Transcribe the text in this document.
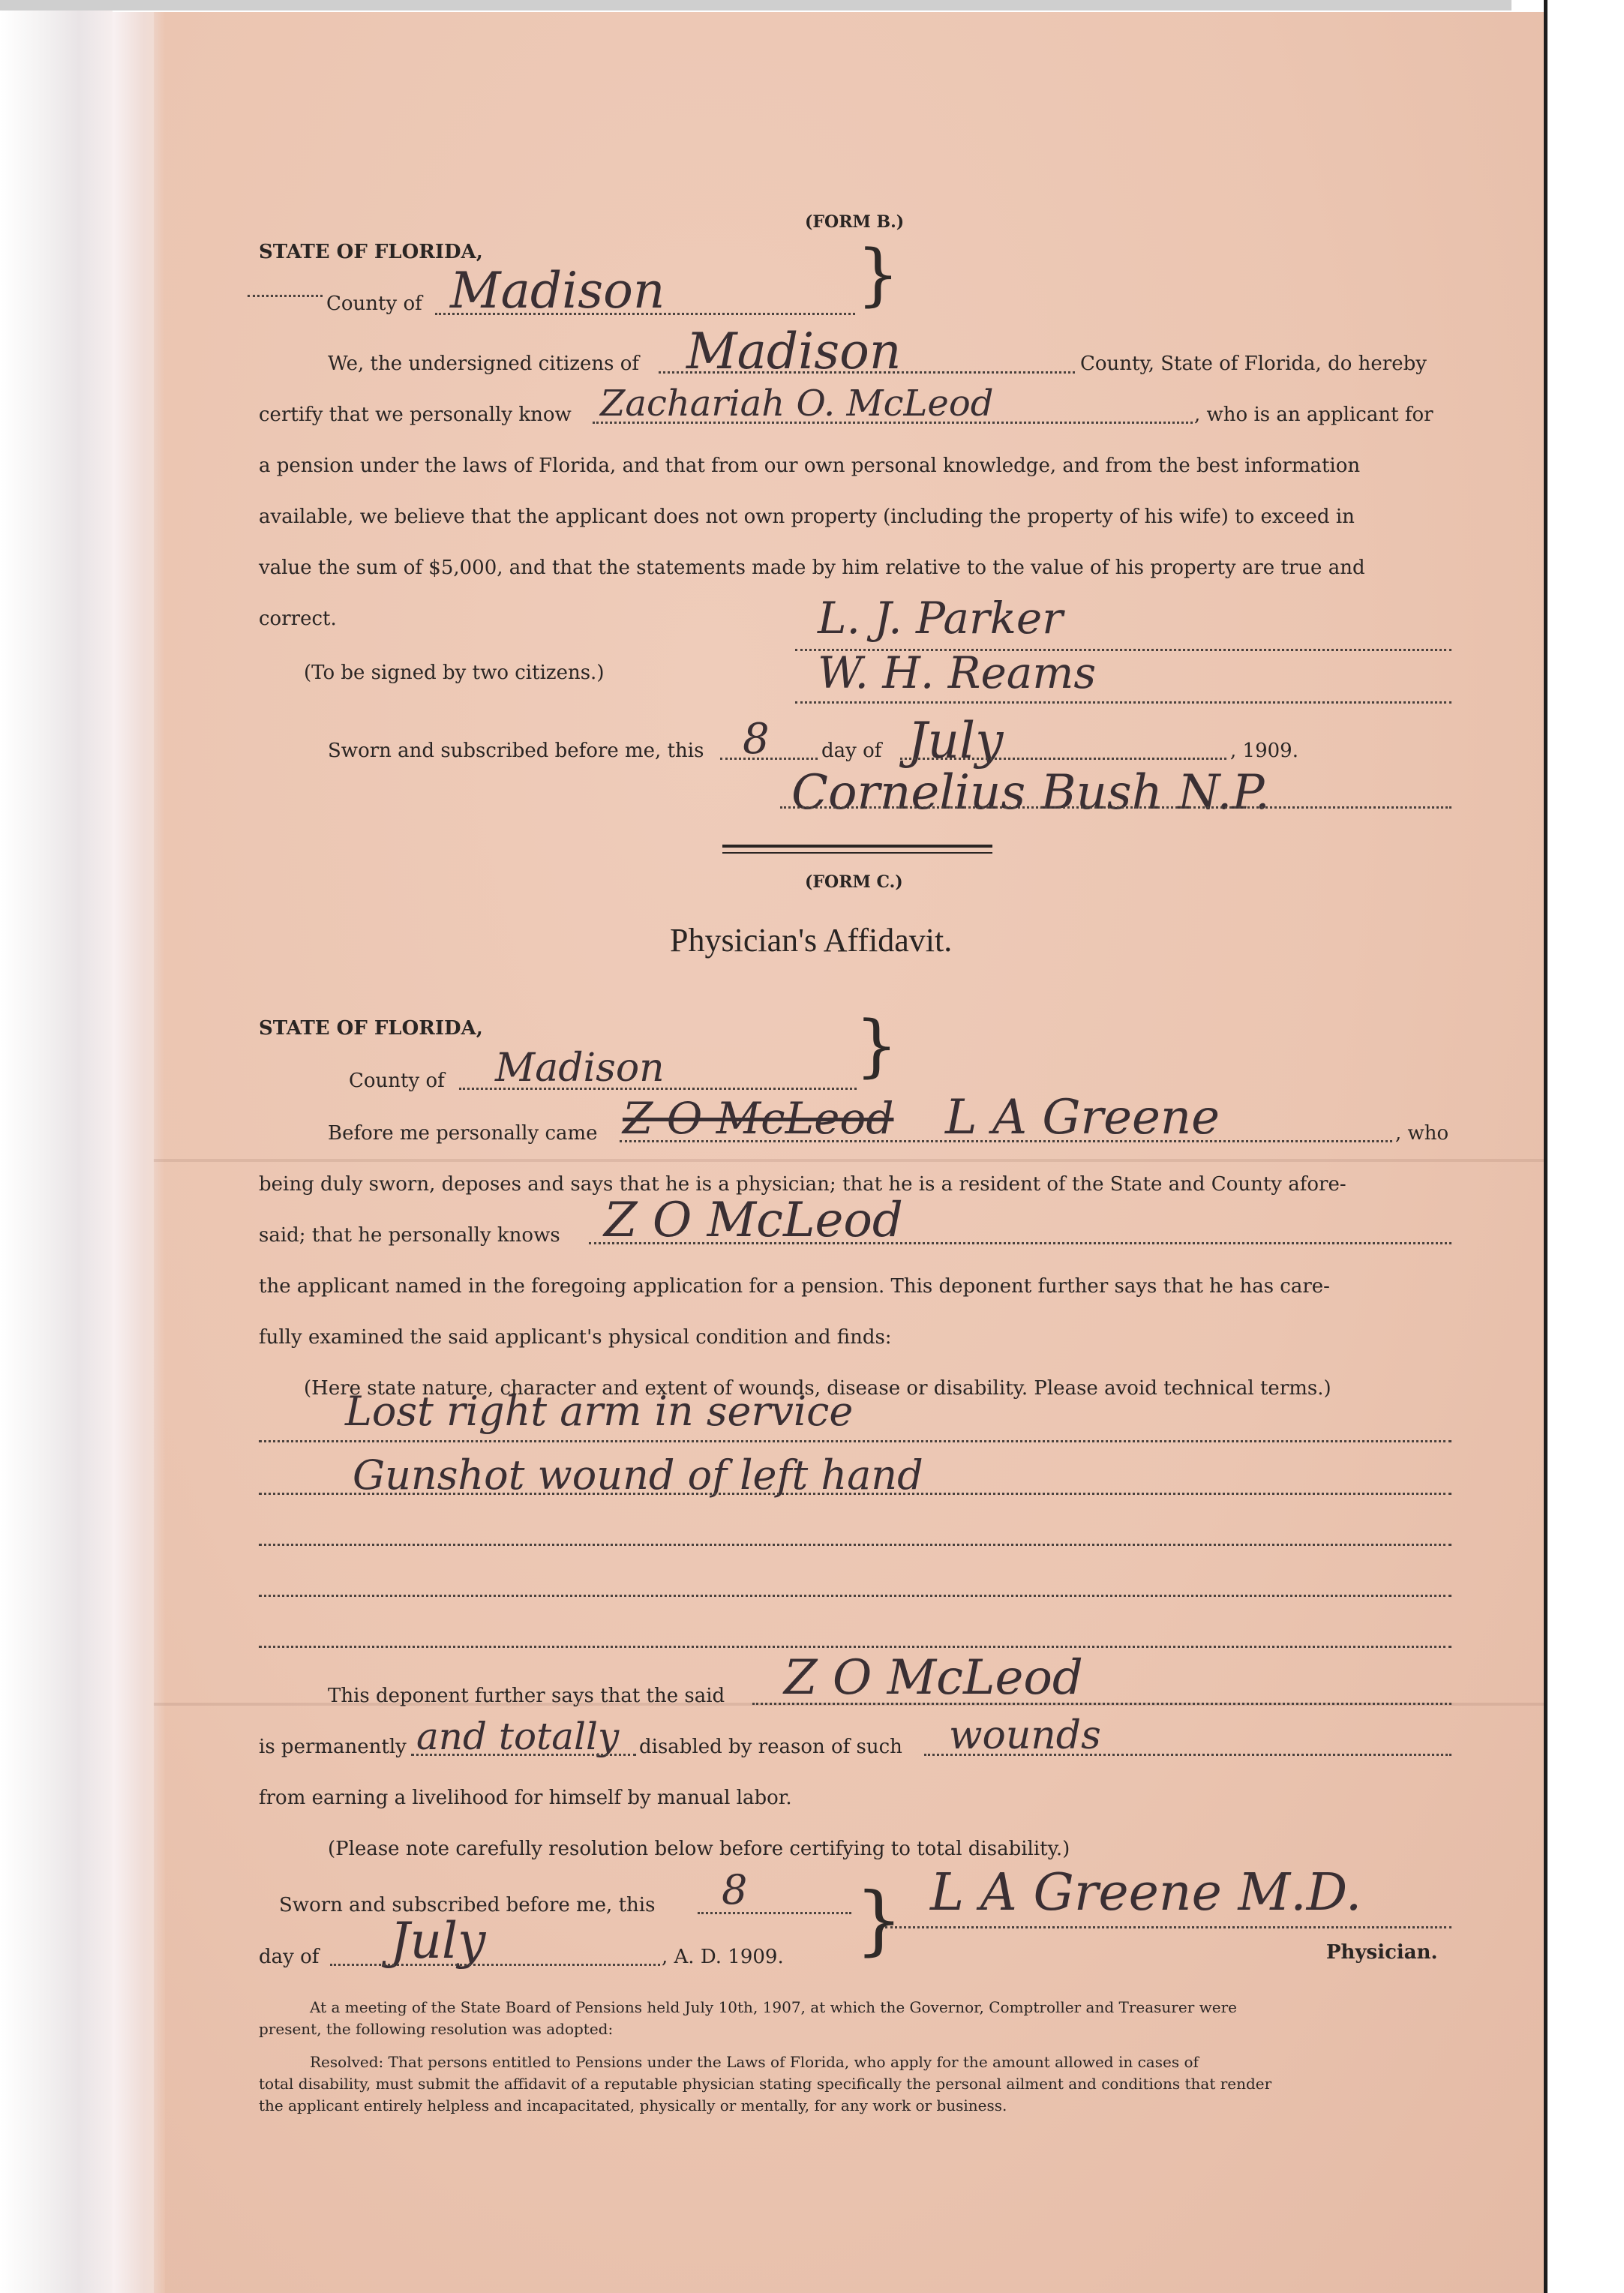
(FORM B.)
STATE OF FLORIDA,
County of Madison	}
We, the undersigned citizens of Madison	County, State of Florida, do hereby
certify that we personally know Zachariah O. McLeod	, who is an applicant for
a pension under the laws of Florida, and that from our own personal knowledge, and from the best information
available, we believe that the applicant does not own property (including the property of his wife) to exceed in
value the sum of $5,000, and that the statements made by him relative to the value of his property are true and
correct.	L. J. Parker
(To be signed by two citizens.)	W. H. Reams
Sworn and subscribed before me, this 8	day of July	, 1909.
Cornelius Bush N.P.
(FORM C.)
Physician's Affidavit.
STATE OF FLORIDA,
County of Madison	}
Before me personally came Z O McLeod L A Greene	, who
being duly sworn, deposes and says that he is a physician; that he is a resident of the State and County afore-
said; that he personally knows Z O McLeod
the applicant named in the foregoing application for a pension. This deponent further says that he has care-
fully examined the said applicant's physical condition and finds:
(Here state nature, character and extent of wounds, disease or disability. Please avoid technical terms.)
Lost right arm in service
Gunshot wound of left hand
This deponent further says that the said Z O McLeod
is permanently and totally disabled by reason of such wounds
from earning a livelihood for himself by manual labor.
(Please note carefully resolution below before certifying to total disability.)
Sworn and subscribed before me, this 8 } L A Greene M.D.
Physician.
day of July	, A. D. 1909.
At a meeting of the State Board of Pensions held July 10th, 1907, at which the Governor, Comptroller and Treasurer were
present, the following resolution was adopted:
Resolved: That persons entitled to Pensions under the Laws of Florida, who apply for the amount allowed in cases of
total disability, must submit the affidavit of a reputable physician stating specifically the personal ailment and conditions that render
the applicant entirely helpless and incapacitated, physically or mentally, for any work or business.
